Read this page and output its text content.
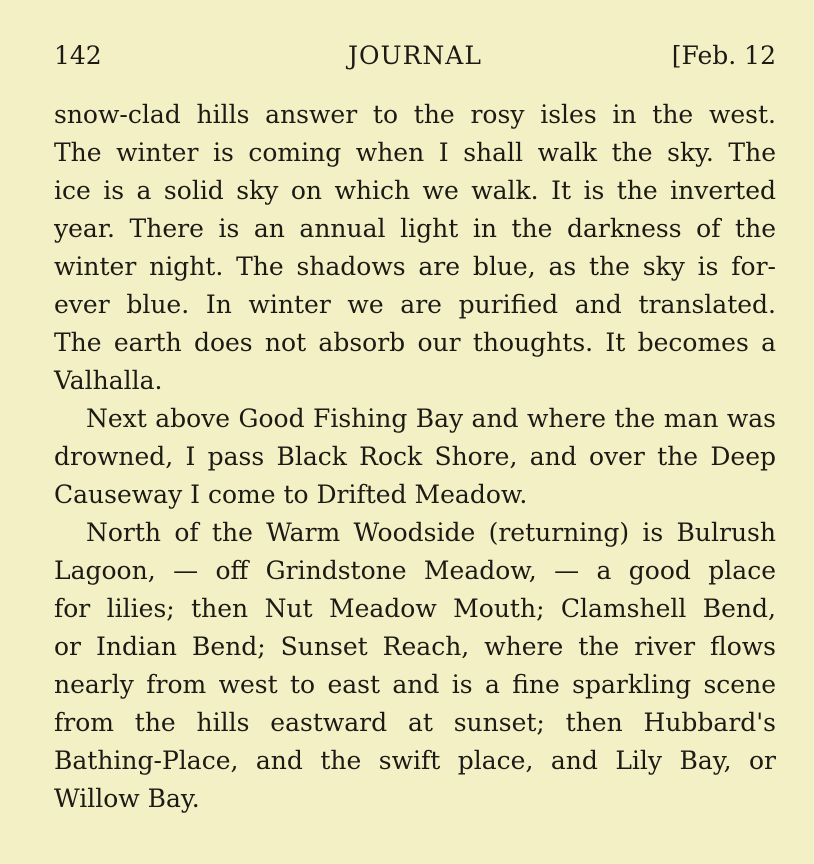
142	JOURNAL	[Feb. 12
snow-clad hills answer to the rosy isles in the west.
The winter is coming when I shall walk the sky. The
ice is a solid sky on which we walk. It is the inverted
year. There is an annual light in the darkness of the
winter night. The shadows are blue, as the sky is for-
ever blue. In winter we are purified and translated.
The earth does not absorb our thoughts. It becomes a
Valhalla.
Next above Good Fishing Bay and where the man was
drowned, I pass Black Rock Shore, and over the Deep
Causeway I come to Drifted Meadow.
North of the Warm Woodside (returning) is Bulrush
Lagoon, — off Grindstone Meadow, — a good place
for lilies; then Nut Meadow Mouth; Clamshell Bend,
or Indian Bend; Sunset Reach, where the river flows
nearly from west to east and is a fine sparkling scene
from the hills eastward at sunset; then Hubbard's
Bathing-Place, and the swift place, and Lily Bay, or
Willow Bay.
